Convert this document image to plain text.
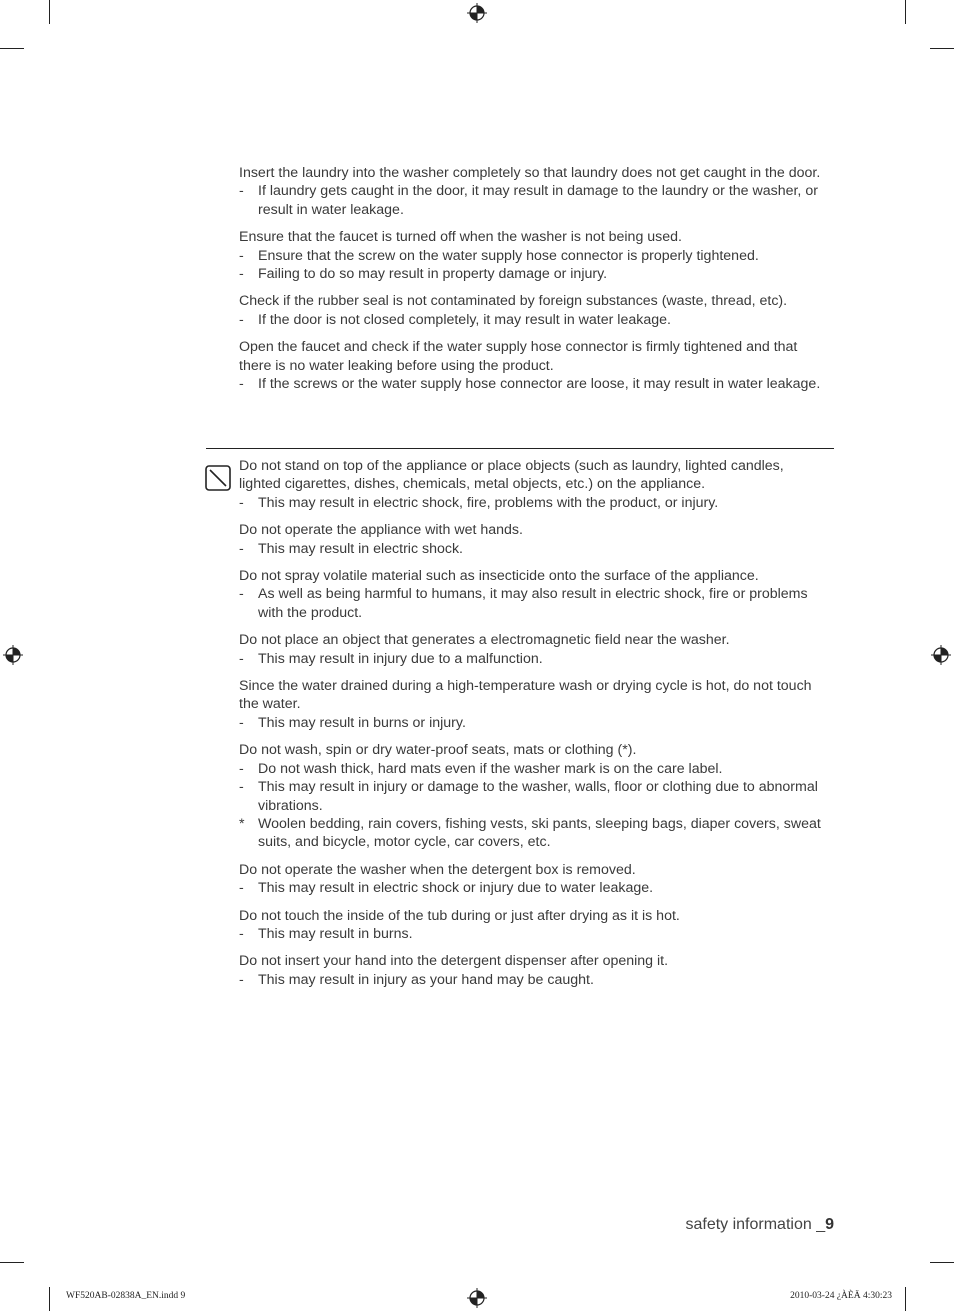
Insert the laundry into the washer completely so that laundry does not get caught in the door.

- If laundry gets caught in the door, it may result in damage to the laundry or the washer, or result in water leakage.

Ensure that the faucet is turned off when the washer is not being used.

- Ensure that the screw on the water supply hose connector is properly tightened.

- Failing to do so may result in property damage or injury.

Check if the rubber seal is not contaminated by foreign substances (waste, thread, etc).

- If the door is not closed completely, it may result in water leakage.

Open the faucet and check if the water supply hose connector is firmly tightened and that there is no water leaking before using the product.

- If the screws or the water supply hose connector are loose, it may result in water leakage.

Do not stand on top of the appliance or place objects (such as laundry, lighted candles, lighted cigarettes, dishes, chemicals, metal objects, etc.) on the appliance.

- This may result in electric shock, fire, problems with the product, or injury.

Do not operate the appliance with wet hands.

- This may result in electric shock.

Do not spray volatile material such as insecticide onto the surface of the appliance.

- As well as being harmful to humans, it may also result in electric shock, fire or problems with the product.

Do not place an object that generates a electromagnetic field near the washer.

- This may result in injury due to a malfunction.

Since the water drained during a high-temperature wash or drying cycle is hot, do not touch the water.

- This may result in burns or injury.

Do not wash, spin or dry water-proof seats, mats or clothing (*).

- Do not wash thick, hard mats even if the washer mark is on the care label.

- This may result in injury or damage to the washer, walls, floor or clothing due to abnormal vibrations.

* Woolen bedding, rain covers, fishing vests, ski pants, sleeping bags, diaper covers, sweat suits, and bicycle, motor cycle, car covers, etc.

Do not operate the washer when the detergent box is removed.

- This may result in electric shock or injury due to water leakage.

Do not touch the inside of the tub during or just after drying as it is hot.

- This may result in burns.

Do not insert your hand into the detergent dispenser after opening it.

- This may result in injury as your hand may be caught.

safety information _9
WF520AB-02838A_EN.indd 9	2010-03-24 ¿ÀÈÄ 4:30:23
